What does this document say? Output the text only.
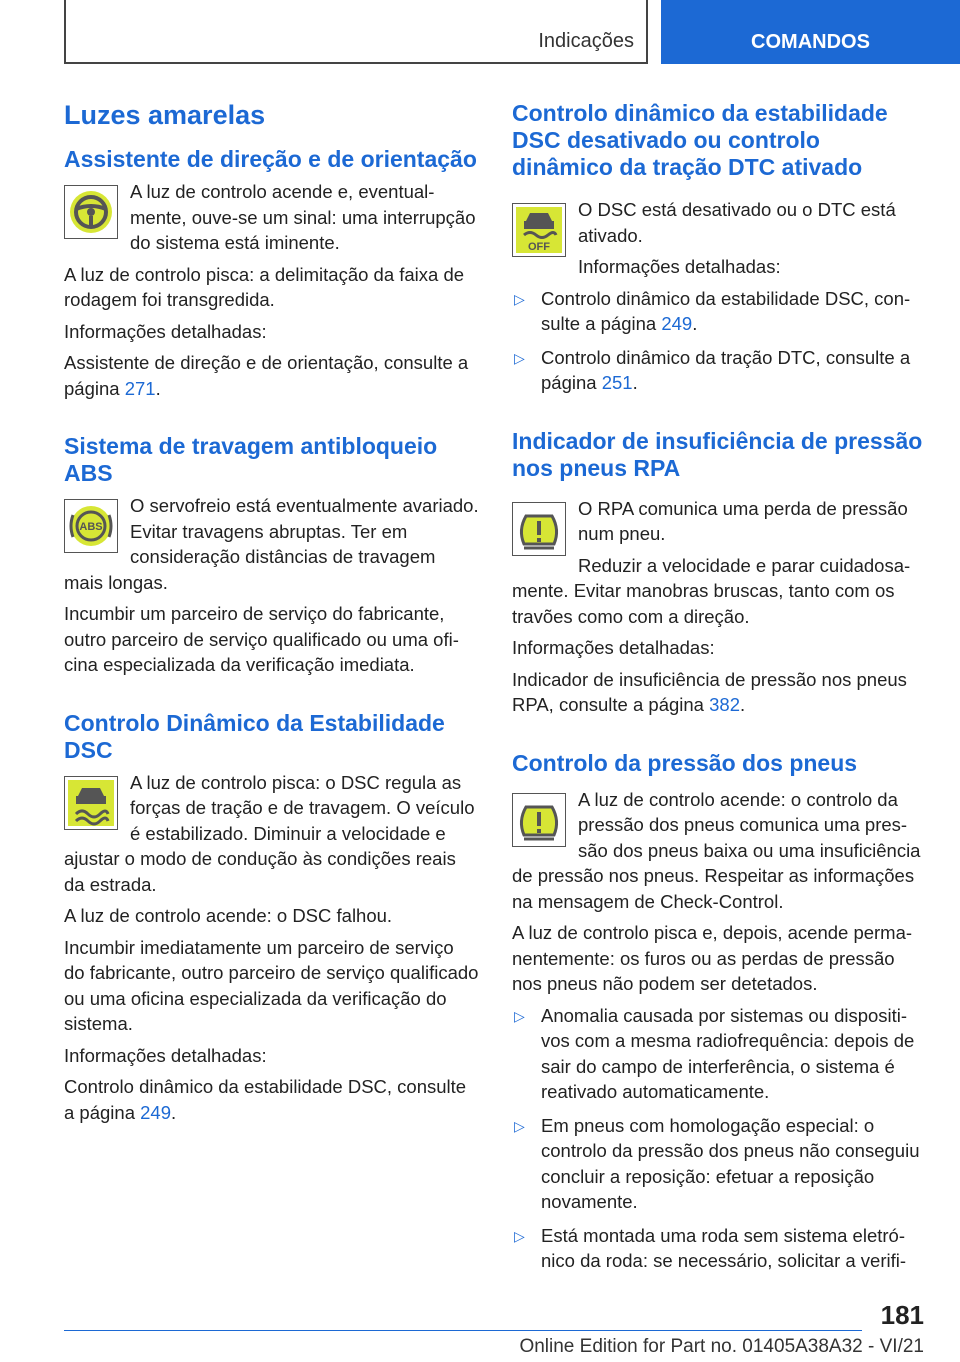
Indicações	COMANDOS
Luzes amarelas
Assistente de direção e de orientação

A luz de controlo acende e, eventualmente, ouve-se um sinal: uma interrupção do sistema está iminente.

A luz de controlo pisca: a delimitação da faixa de rodagem foi transgredida.

Informações detalhadas:

Assistente de direção e de orientação, consulte a página 271.

Sistema de travagem antibloqueio ABS
ABS

O servofreio está eventualmente avariado. Evitar travagens abruptas. Ter em consideração distâncias de travagem mais longas.

Incumbir um parceiro de serviço do fabricante, outro parceiro de serviço qualificado ou uma oficina especializada da verificação imediata.

Controlo Dinâmico da Estabilidade DSC

A luz de controlo pisca: o DSC regula as forças de tração e de travagem. O veículo é estabilizado. Diminuir a velocidade e ajustar o modo de condução às condições reais da estrada.

A luz de controlo acende: o DSC falhou.

Incumbir imediatamente um parceiro de serviço do fabricante, outro parceiro de serviço qualificado ou uma oficina especializada da verificação do sistema.

Informações detalhadas:

Controlo dinâmico da estabilidade DSC, consulte a página 249.

Controlo dinâmico da estabilidade DSC desativado ou controlo dinâmico da tração DTC ativado
OFF

O DSC está desativado ou o DTC está ativado.

Informações detalhadas:

▷ Controlo dinâmico da estabilidade DSC, consulte a página 249.
▷ Controlo dinâmico da tração DTC, consulte a página 251.
Indicador de insuficiência de pressão nos pneus RPA

O RPA comunica uma perda de pressão num pneu.

Reduzir a velocidade e parar cuidadosamente. Evitar manobras bruscas, tanto com os travões como com a direção.

Informações detalhadas:

Indicador de insuficiência de pressão nos pneus RPA, consulte a página 382.

Controlo da pressão dos pneus

A luz de controlo acende: o controlo da pressão dos pneus comunica uma pressão dos pneus baixa ou uma insuficiência de pressão nos pneus. Respeitar as informações na mensagem de Check-Control.

A luz de controlo pisca e, depois, acende permanentemente: os furos ou as perdas de pressão nos pneus não podem ser detetados.

▷ Anomalia causada por sistemas ou dispositivos com a mesma radiofrequência: depois de sair do campo de interferência, o sistema é reativado automaticamente.
▷ Em pneus com homologação especial: o controlo da pressão dos pneus não conseguiu concluir a reposição: efetuar a reposição novamente.
▷ Está montada uma roda sem sistema eletrónico da roda: se necessário, solicitar a verifi-
181
Online Edition for Part no. 01405A38A32 - VI/21
